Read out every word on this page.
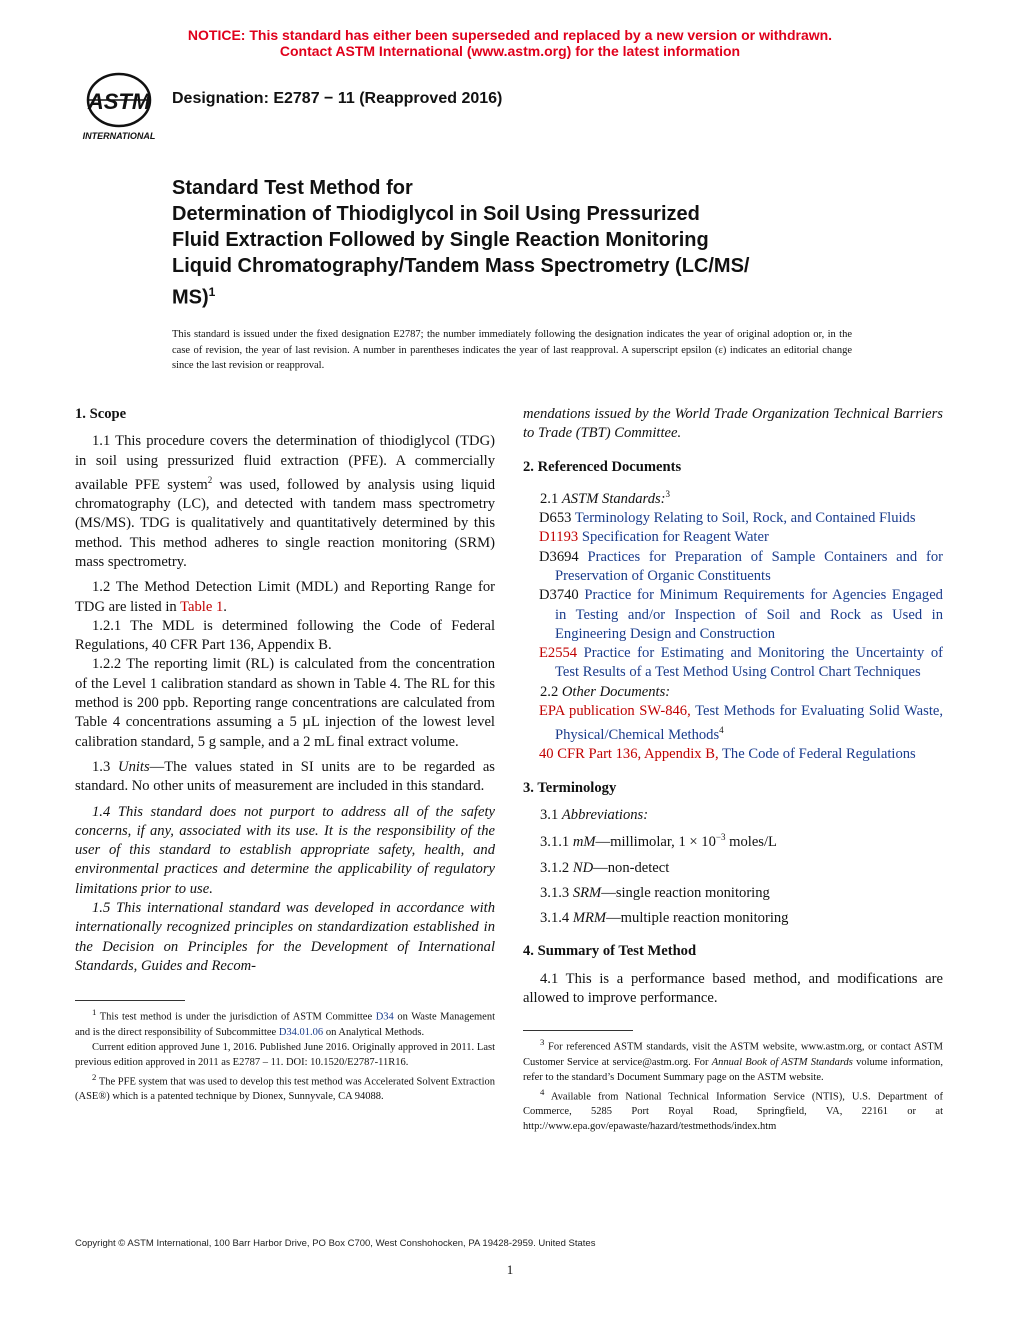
NOTICE: This standard has either been superseded and replaced by a new version or withdrawn.
Contact ASTM International (www.astm.org) for the latest information
ASTM
INTERNATIONAL
Designation: E2787 − 11 (Reapproved 2016)
Standard Test Method for
Determination of Thiodiglycol in Soil Using Pressurized
Fluid Extraction Followed by Single Reaction Monitoring
Liquid Chromatography/Tandem Mass Spectrometry (LC/MS/
MS)$^1$
This standard is issued under the fixed designation E2787; the number immediately following the designation indicates the year of original adoption or, in the case of revision, the year of last revision. A number in parentheses indicates the year of last reapproval. A superscript epsilon (ε) indicates an editorial change since the last revision or reapproval.

1. Scope

1.1 This procedure covers the determination of thiodiglycol (TDG) in soil using pressurized fluid extraction (PFE). A commercially available PFE system$^2$ was used, followed by analysis using liquid chromatography (LC), and detected with tandem mass spectrometry (MS/MS). TDG is qualitatively and quantitatively determined by this method. This method adheres to single reaction monitoring (SRM) mass spectrometry.

1.2 The Method Detection Limit (MDL) and Reporting Range for TDG are listed in Table 1.

1.2.1 The MDL is determined following the Code of Federal Regulations, 40 CFR Part 136, Appendix B.

1.2.2 The reporting limit (RL) is calculated from the concentration of the Level 1 calibration standard as shown in Table 4. The RL for this method is 200 ppb. Reporting range concentrations are calculated from Table 4 concentrations assuming a 5 µL injection of the lowest level calibration standard, 5 g sample, and a 2 mL final extract volume.

1.3 Units—The values stated in SI units are to be regarded as standard. No other units of measurement are included in this standard.

1.4 This standard does not purport to address all of the safety concerns, if any, associated with its use. It is the responsibility of the user of this standard to establish appropriate safety, health, and environmental practices and determine the applicability of regulatory limitations prior to use.

1.5 This international standard was developed in accordance with internationally recognized principles on standardization established in the Decision on Principles for the Development of International Standards, Guides and Recom-

$^1$ This test method is under the jurisdiction of ASTM Committee D34 on Waste Management and is the direct responsibility of Subcommittee D34.01.06 on Analytical Methods.

Current edition approved June 1, 2016. Published June 2016. Originally approved in 2011. Last previous edition approved in 2011 as E2787 – 11. DOI: 10.1520/E2787-11R16.

$^2$ The PFE system that was used to develop this test method was Accelerated Solvent Extraction (ASE®) which is a patented technique by Dionex, Sunnyvale, CA 94088.

mendations issued by the World Trade Organization Technical Barriers to Trade (TBT) Committee.

2. Referenced Documents

2.1 ASTM Standards:$^3$

D653 Terminology Relating to Soil, Rock, and Contained Fluids

D1193 Specification for Reagent Water

D3694 Practices for Preparation of Sample Containers and for Preservation of Organic Constituents

D3740 Practice for Minimum Requirements for Agencies Engaged in Testing and/or Inspection of Soil and Rock as Used in Engineering Design and Construction

E2554 Practice for Estimating and Monitoring the Uncertainty of Test Results of a Test Method Using Control Chart Techniques

2.2 Other Documents:

EPA publication SW-846, Test Methods for Evaluating Solid Waste, Physical/Chemical Methods$^4$

40 CFR Part 136, Appendix B, The Code of Federal Regulations

3. Terminology

3.1 Abbreviations:

3.1.1 mM—millimolar, $1 \times 10^{-3}$ moles/L

3.1.2 ND—non-detect

3.1.3 SRM—single reaction monitoring

3.1.4 MRM—multiple reaction monitoring

4. Summary of Test Method

4.1 This is a performance based method, and modifications are allowed to improve performance.

$^3$ For referenced ASTM standards, visit the ASTM website, www.astm.org, or contact ASTM Customer Service at service@astm.org. For Annual Book of ASTM Standards volume information, refer to the standard’s Document Summary page on the ASTM website.

$^4$ Available from National Technical Information Service (NTIS), U.S. Department of Commerce, 5285 Port Royal Road, Springfield, VA, 22161 or at http://www.epa.gov/epawaste/hazard/testmethods/index.htm

Copyright © ASTM International, 100 Barr Harbor Drive, PO Box C700, West Conshohocken, PA 19428-2959. United States
1
